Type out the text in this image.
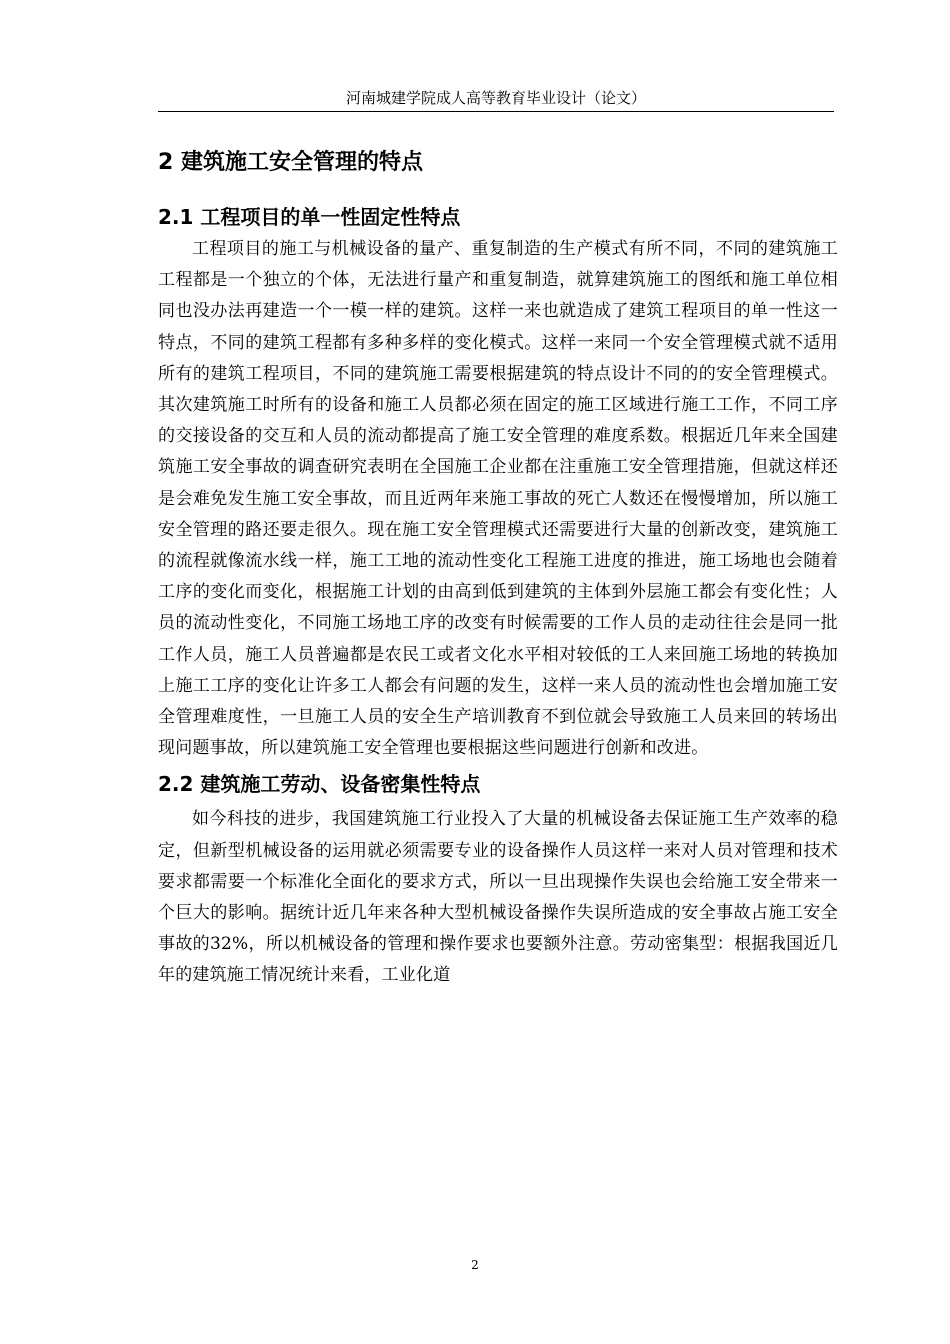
河南城建学院成人高等教育毕业设计（论文）
2 建筑施工安全管理的特点
2.1 工程项目的单一性固定性特点

工程项目的施工与机械设备的量产、重复制造的生产模式有所不同，不同的建筑施工工程都是一个独立的个体，无法进行量产和重复制造，就算建筑施工的图纸和施工单位相同也没办法再建造一个一模一样的建筑。这样一来也就造成了建筑工程项目的单一性这一特点，不同的建筑工程都有多种多样的变化模式。这样一来同一个安全管理模式就不适用所有的建筑工程项目，不同的建筑施工需要根据建筑的特点设计不同的的安全管理模式。其次建筑施工时所有的设备和施工人员都必须在固定的施工区域进行施工工作，不同工序的交接设备的交互和人员的流动都提高了施工安全管理的难度系数。根据近几年来全国建筑施工安全事故的调查研究表明在全国施工企业都在注重施工安全管理措施，但就这样还是会难免发生施工安全事故，而且近两年来施工事故的死亡人数还在慢慢增加，所以施工安全管理的路还要走很久。现在施工安全管理模式还需要进行大量的创新改变，建筑施工的流程就像流水线一样，施工工地的流动性变化工程施工进度的推进，施工场地也会随着工序的变化而变化，根据施工计划的由高到低到建筑的主体到外层施工都会有变化性；人员的流动性变化，不同施工场地工序的改变有时候需要的工作人员的走动往往会是同一批工作人员，施工人员普遍都是农民工或者文化水平相对较低的工人来回施工场地的转换加上施工工序的变化让许多工人都会有问题的发生，这样一来人员的流动性也会增加施工安全管理难度性，一旦施工人员的安全生产培训教育不到位就会导致施工人员来回的转场出现问题事故，所以建筑施工安全管理也要根据这些问题进行创新和改进。

2.2 建筑施工劳动、设备密集性特点

如今科技的进步，我国建筑施工行业投入了大量的机械设备去保证施工生产效率的稳定，但新型机械设备的运用就必须需要专业的设备操作人员这样一来对人员对管理和技术要求都需要一个标准化全面化的要求方式，所以一旦出现操作失误也会给施工安全带来一个巨大的影响。据统计近几年来各种大型机械设备操作失误所造成的安全事故占施工安全事故的32%，所以机械设备的管理和操作要求也要额外注意。劳动密集型：根据我国近几年的建筑施工情况统计来看，工业化道

2
